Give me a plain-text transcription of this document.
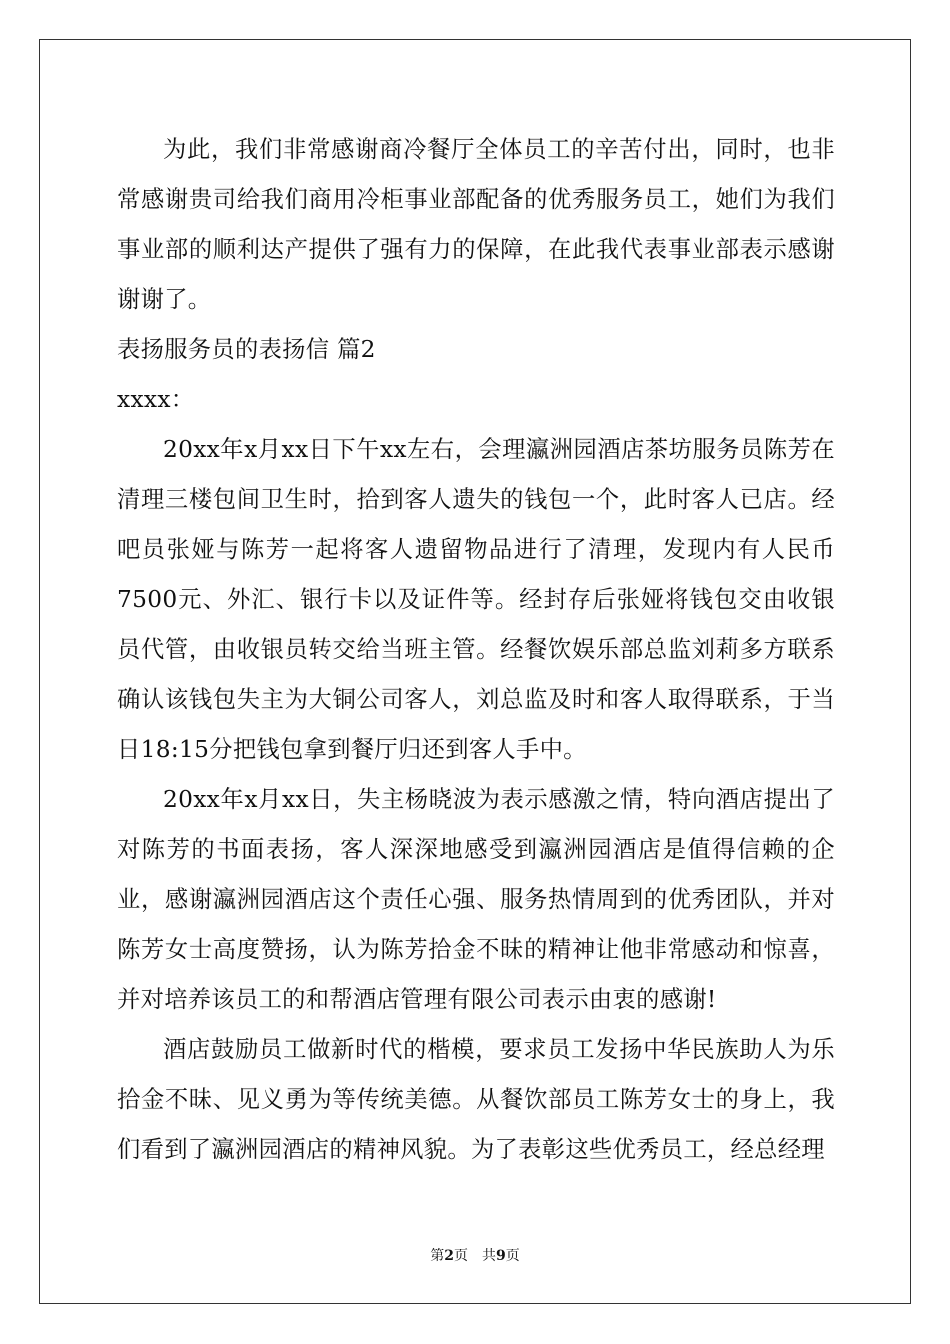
为此，我们非常感谢商冷餐厅全体员工的辛苦付出，同时，也非常感谢贵司给我们商用冷柜事业部配备的优秀服务员工，她们为我们事业部的顺利达产提供了强有力的保障，在此我代表事业部表示感谢谢谢了。

表扬服务员的表扬信 篇2

xxxx：

20xx年x月xx日下午xx左右，会理瀛洲园酒店茶坊服务员陈芳在清理三楼包间卫生时，拾到客人遗失的钱包一个，此时客人已店。经吧员张娅与陈芳一起将客人遗留物品进行了清理，发现内有人民币7500元、外汇、银行卡以及证件等。经封存后张娅将钱包交由收银员代管，由收银员转交给当班主管。经餐饮娱乐部总监刘莉多方联系确认该钱包失主为大铜公司客人，刘总监及时和客人取得联系，于当日18:15分把钱包拿到餐厅归还到客人手中。

20xx年x月xx日，失主杨晓波为表示感激之情，特向酒店提出了对陈芳的书面表扬，客人深深地感受到瀛洲园酒店是值得信赖的企业，感谢瀛洲园酒店这个责任心强、服务热情周到的优秀团队，并对陈芳女士高度赞扬，认为陈芳拾金不昧的精神让他非常感动和惊喜，并对培养该员工的和帮酒店管理有限公司表示由衷的感谢!

酒店鼓励员工做新时代的楷模，要求员工发扬中华民族助人为乐拾金不昧、见义勇为等传统美德。从餐饮部员工陈芳女士的身上，我们看到了瀛洲园酒店的精神风貌。为了表彰这些优秀员工，经总经理

第2页 共9页
